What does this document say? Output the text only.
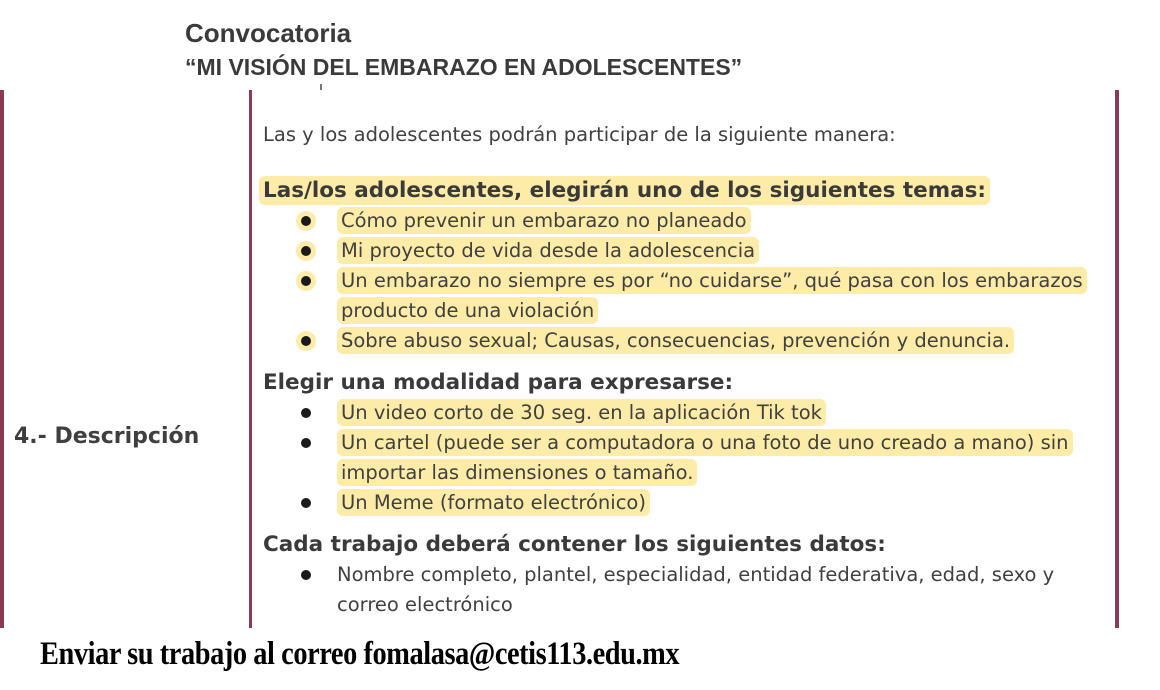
Convocatoria
“MI VISIÓN DEL EMBARAZO EN ADOLESCENTES”
4.- Descripción

Las y los adolescentes podrán participar de la siguiente manera:

Las/los adolescentes, elegirán uno de los siguientes temas:

Cómo prevenir un embarazo no planeado
Mi proyecto de vida desde la adolescencia
Un embarazo no siempre es por “no cuidarse”, qué pasa con los embarazos producto de una violación
Sobre abuso sexual; Causas, consecuencias, prevención y denuncia.

Elegir una modalidad para expresarse:

Un video corto de 30 seg. en la aplicación Tik tok
Un cartel (puede ser a computadora o una foto de uno creado a mano) sin importar las dimensiones o tamaño.
Un Meme (formato electrónico)

Cada trabajo deberá contener los siguientes datos:

Nombre completo, plantel, especialidad, entidad federativa, edad, sexo y correo electrónico
Enviar su trabajo al correo fomalasa@cetis113.edu.mx
